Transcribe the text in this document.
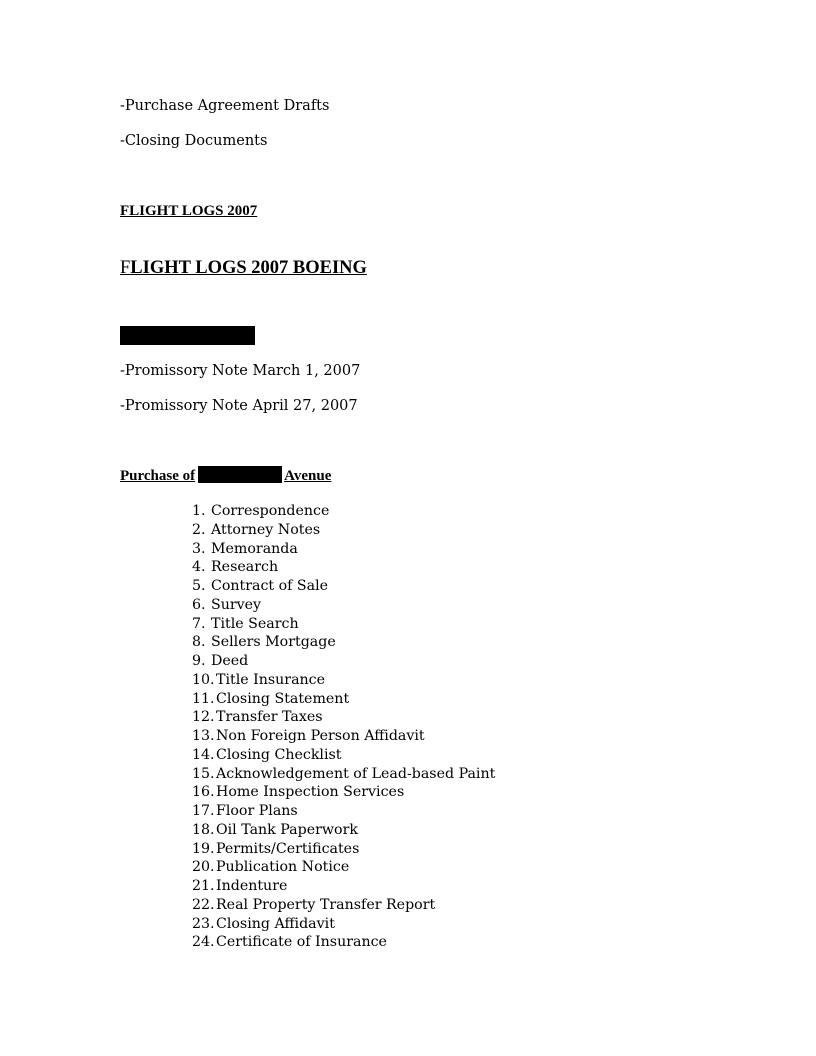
-Purchase Agreement Drafts
-Closing Documents
FLIGHT LOGS 2007
FLIGHT LOGS 2007 BOEING
-Promissory Note March 1, 2007
-Promissory Note April 27, 2007
Purchase of	Avenue
1. Correspondence
2. Attorney Notes
3. Memoranda
4. Research
5. Contract of Sale
6. Survey
7. Title Search
8. Sellers Mortgage
9. Deed
10.Title Insurance
11.Closing Statement
12.Transfer Taxes
13.Non Foreign Person Affidavit
14.Closing Checklist
15.Acknowledgement of Lead-based Paint
16.Home Inspection Services
17.Floor Plans
18.Oil Tank Paperwork
19.Permits/Certificates
20.Publication Notice
21.Indenture
22.Real Property Transfer Report
23.Closing Affidavit
24.Certificate of Insurance
